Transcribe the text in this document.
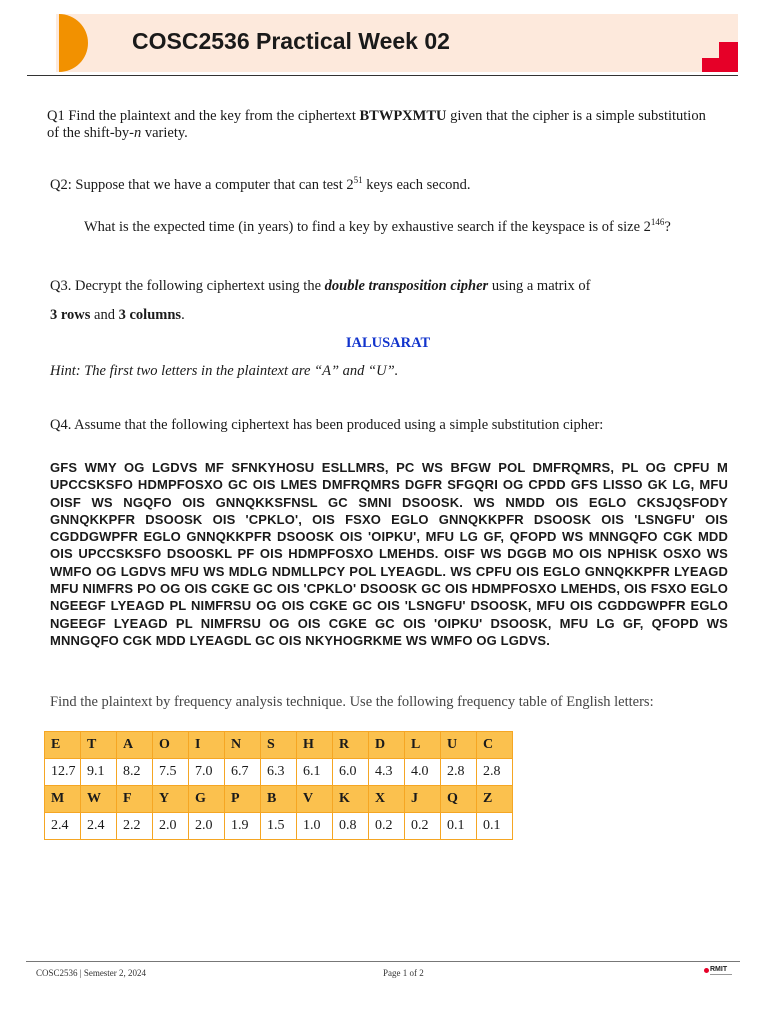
COSC2536 Practical Week 02

Q1 Find the plaintext and the key from the ciphertext BTWPXMTU given that the cipher is a simple substitution of the shift-by-n variety.

Q2: Suppose that we have a computer that can test $2^{51}$ keys each second.

What is the expected time (in years) to find a key by exhaustive search if the keyspace is of size $2^{146}$?

Q3. Decrypt the following ciphertext using the double transposition cipher using a matrix of

3 rows and 3 columns.

IALUSARAT

Hint: The first two letters in the plaintext are “A” and “U”.

Q4. Assume that the following ciphertext has been produced using a simple substitution cipher:

GFS WMY OG LGDVS MF SFNKYHOSU ESLLMRS, PC WS BFGW POL DMFRQMRS, PL OG CPFU M UPCCSKSFO HDMPFOSXO GC OIS LMES DMFRQMRS DGFR SFGQRI OG CPDD GFS LISSO GK LG, MFU OISF WS NGQFO OIS GNNQKKSFNSL GC SMNI DSOOSK. WS NMDD OIS EGLO CKSJQSFODY GNNQKKPFR DSOOSK OIS 'CPKLO', OIS FSXO EGLO GNNQKKPFR DSOOSK OIS 'LSNGFU' OIS CGDDGWPFR EGLO GNNQKKPFR DSOOSK OIS 'OIPKU', MFU LG GF, QFOPD WS MNNGQFO CGK MDD OIS UPCCSKSFO DSOOSKL PF OIS HDMPFOSXO LMEHDS. OISF WS DGGB MO OIS NPHISK OSXO WS WMFO OG LGDVS MFU WS MDLG NDMLLPCY POL LYEAGDL. WS CPFU OIS EGLO GNNQKKPFR LYEAGD MFU NIMFRS PO OG OIS CGKE GC OIS 'CPKLO' DSOOSK GC OIS HDMPFOSXO LMEHDS, OIS FSXO EGLO NGEEGF LYEAGD PL NIMFRSU OG OIS CGKE GC OIS 'LSNGFU' DSOOSK, MFU OIS CGDDGWPFR EGLO NGEEGF LYEAGD PL NIMFRSU OG OIS CGKE GC OIS 'OIPKU' DSOOSK, MFU LG GF, QFOPD WS MNNGQFO CGK MDD LYEAGDL GC OIS NKYHOGRKME WS WMFO OG LGDVS.

Find the plaintext by frequency analysis technique. Use the following frequency table of English letters:

E	T	A	O	I	N	S	H	R	D	L	U	C
12.7	9.1	8.2	7.5	7.0	6.7	6.3	6.1	6.0	4.3	4.0	2.8	2.8
M	W	F	Y	G	P	B	V	K	X	J	Q	Z
2.4	2.4	2.2	2.0	2.0	1.9	1.5	1.0	0.8	0.2	0.2	0.1	0.1

COSC2536 | Semester 2, 2024	Page 1 of 2	RMIT
